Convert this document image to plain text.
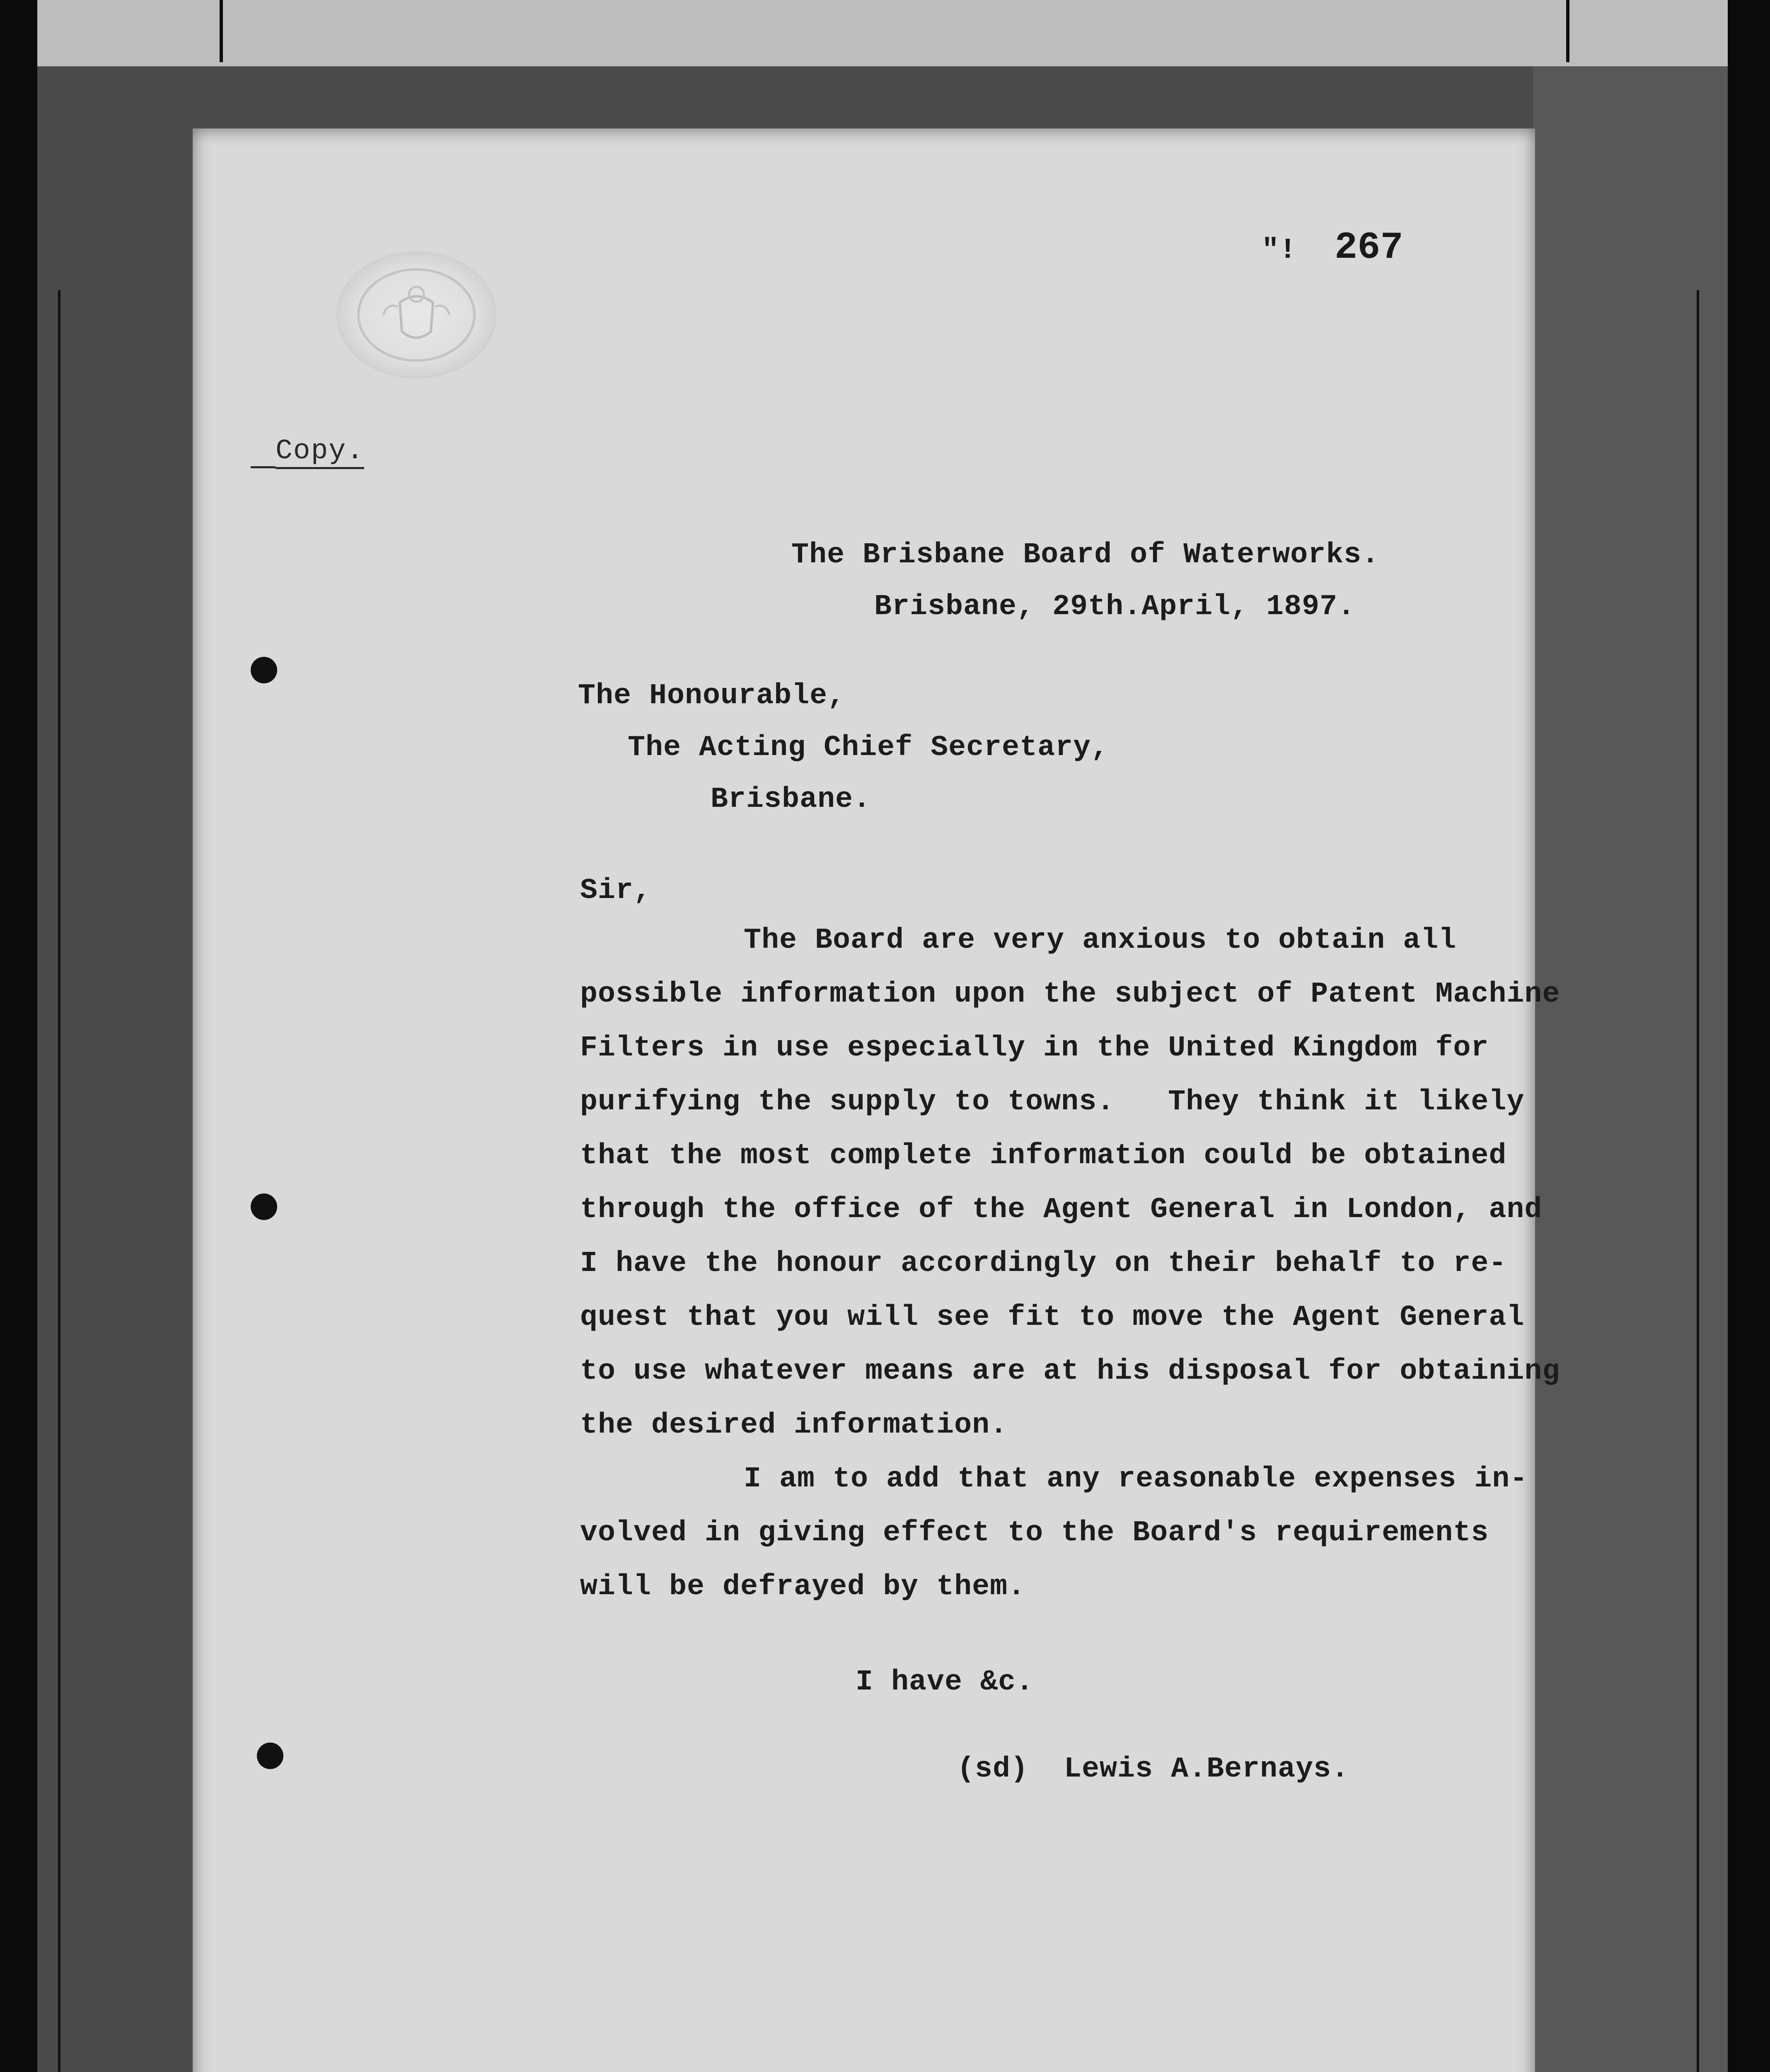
"! 267
Copy.
The Brisbane Board of Waterworks.
Brisbane, 29th.April, 1897.
The Honourable,
The Acting Chief Secretary,
Brisbane.
Sir,
The Board are very anxious to obtain all
possible information upon the subject of Patent Machine
Filters in use especially in the United Kingdom for
purifying the supply to towns.   They think it likely
that the most complete information could be obtained
through the office of the Agent General in London, and
I have the honour accordingly on their behalf to re-
quest that you will see fit to move the Agent General
to use whatever means are at his disposal for obtaining
the desired information.
I am to add that any reasonable expenses in-
volved in giving effect to the Board's requirements
will be defrayed by them.
I have &c.
(sd)  Lewis A.Bernays.
